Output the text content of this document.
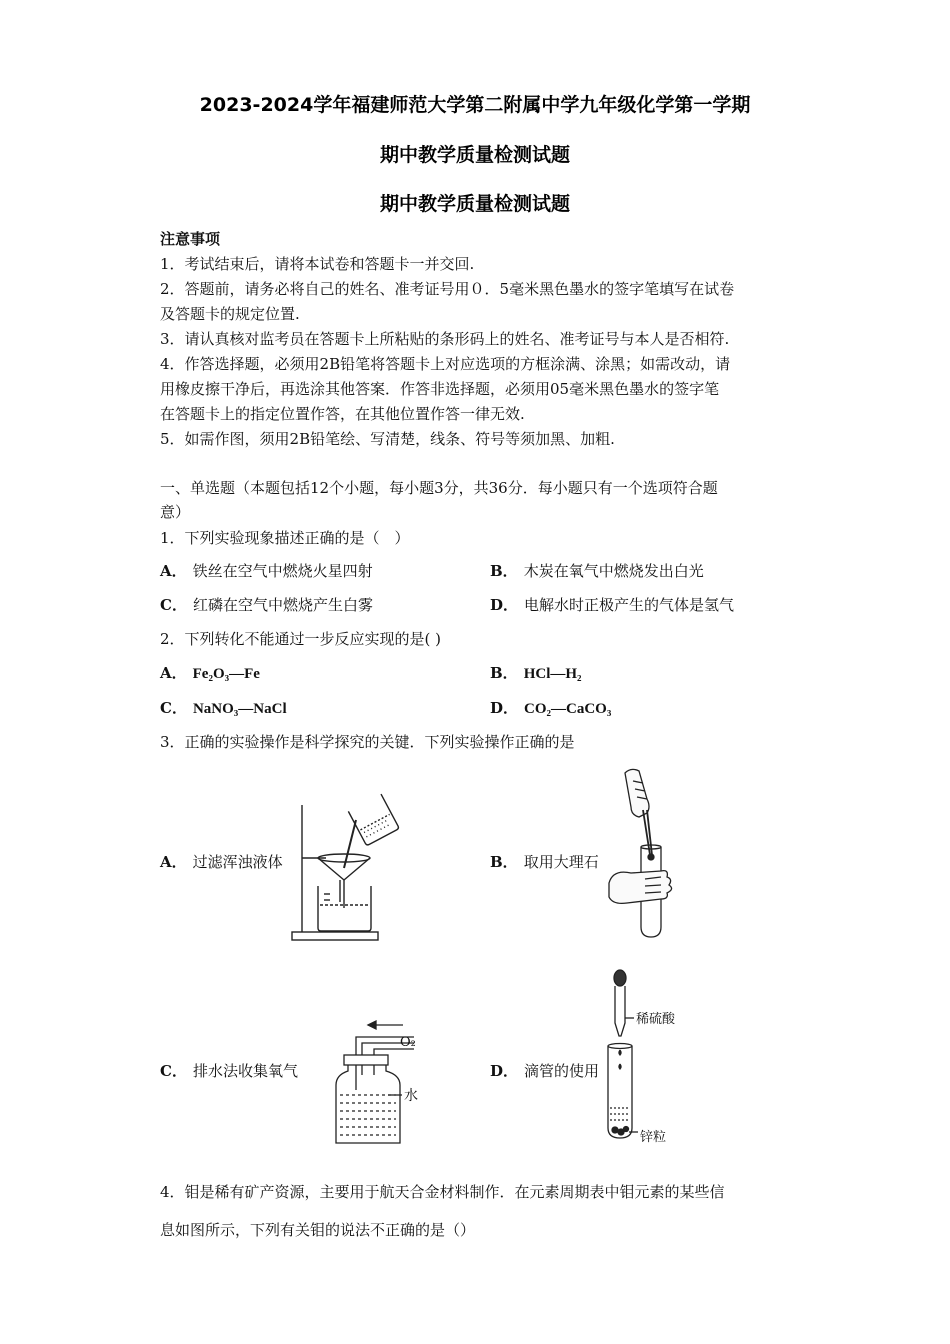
2023-2024学年福建师范大学第二附属中学九年级化学第一学期
期中教学质量检测试题
期中教学质量检测试题
注意事项
1．考试结束后，请将本试卷和答题卡一并交回.
2．答题前，请务必将自己的姓名、准考证号用０．5毫米黑色墨水的签字笔填写在试卷
及答题卡的规定位置.
3．请认真核对监考员在答题卡上所粘贴的条形码上的姓名、准考证号与本人是否相符.
4．作答选择题，必须用2B铅笔将答题卡上对应选项的方框涂满、涂黑；如需改动，请
用橡皮擦干净后，再选涂其他答案．作答非选择题，必须用05毫米黑色墨水的签字笔
在答题卡上的指定位置作答，在其他位置作答一律无效.
5．如需作图，须用2B铅笔绘、写清楚，线条、符号等须加黑、加粗.
一、单选题（本题包括12个小题，每小题3分，共36分．每小题只有一个选项符合题
意）
1．下列实验现象描述正确的是（　）
A． 铁丝在空气中燃烧火星四射	B． 木炭在氧气中燃烧发出白光
C． 红磷在空气中燃烧产生白雾	D． 电解水时正极产生的气体是氢气
2．下列转化不能通过一步反应实现的是( )
A． Fe₂O₃—Fe	B． HCl—H₂
C． NaNO₃—NaCl	D． CO₂—CaCO₃
3．正确的实验操作是科学探究的关键．下列实验操作正确的是
A． 过滤浑浊液体	B． 取用大理石
C． 排水法收集氧气	D． 滴管的使用
O₂
水
稀硫酸
锌粒
4．钼是稀有矿产资源，主要用于航天合金材料制作．在元素周期表中钼元素的某些信
息如图所示，下列有关钼的说法不正确的是（）
